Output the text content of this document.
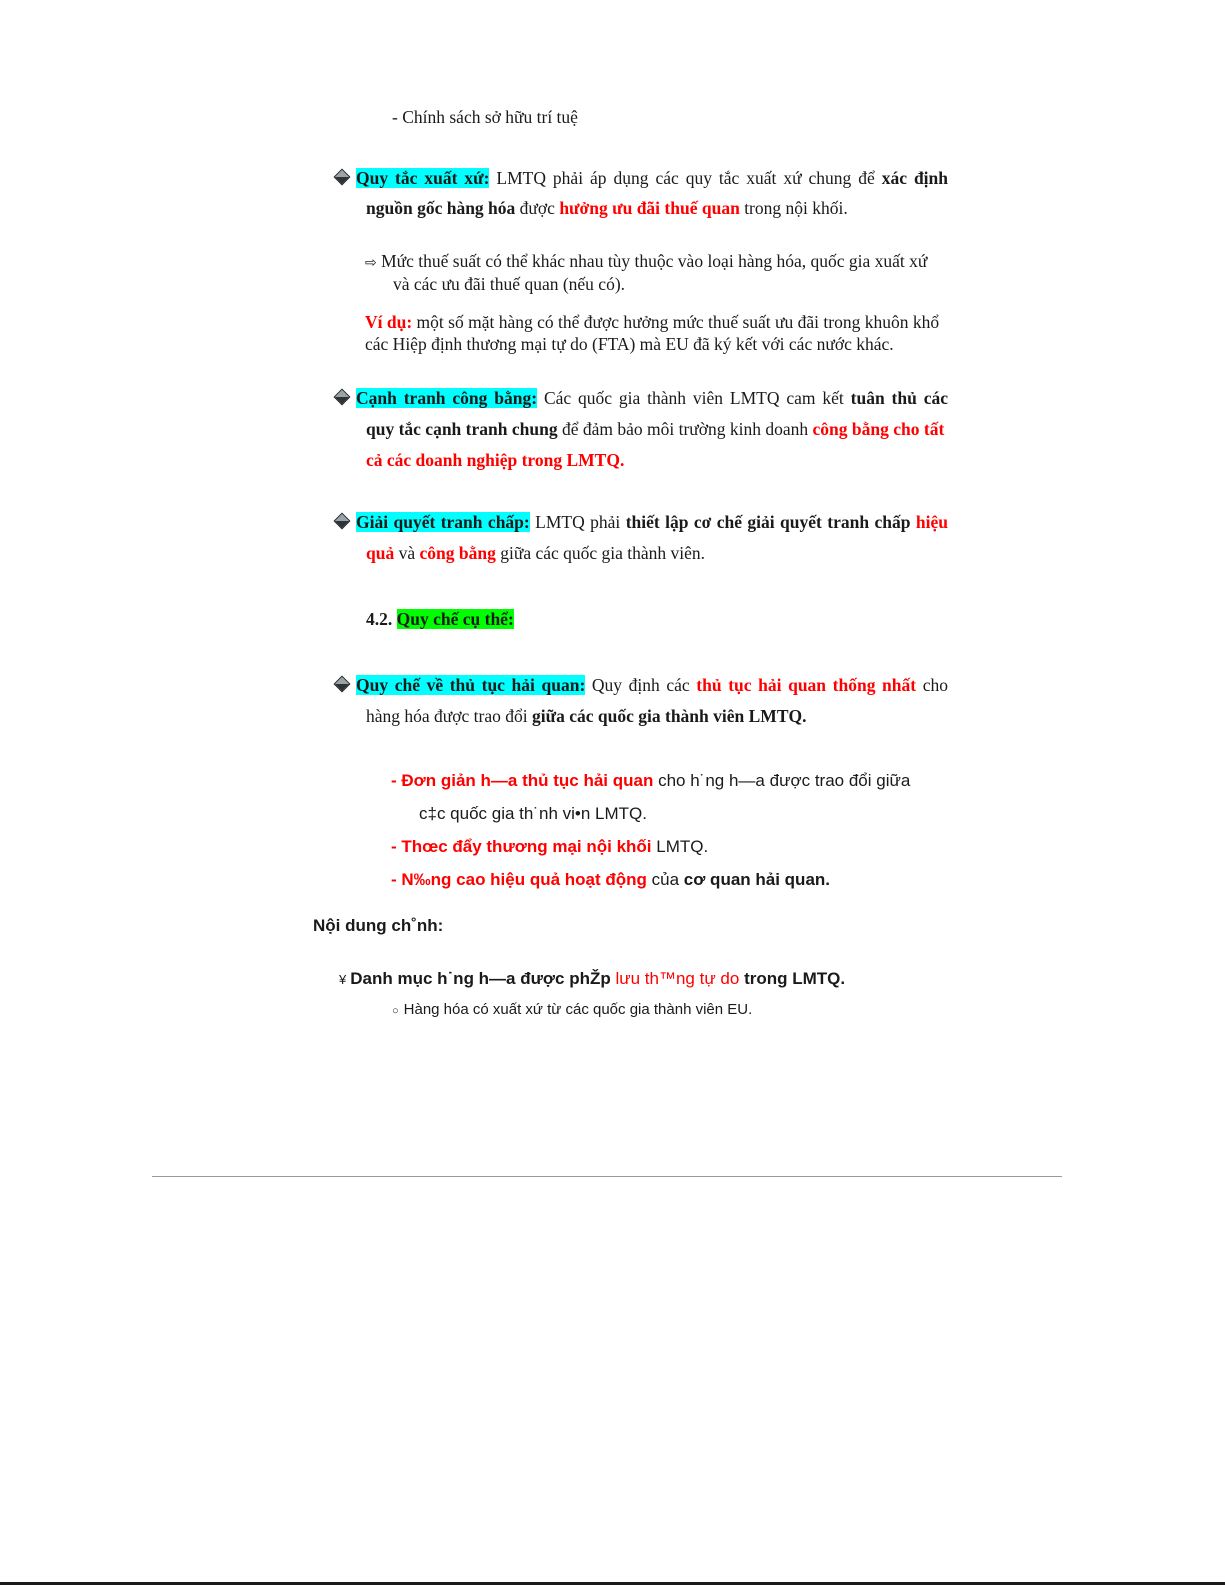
- Chính sách sở hữu trí tuệ

Quy tắc xuất xứ: LMTQ phải áp dụng các quy tắc xuất xứ chung để xác định
nguồn gốc hàng hóa được hưởng ưu đãi thuế quan trong nội khối.
⇨ Mức thuế suất có thể khác nhau tùy thuộc vào loại hàng hóa, quốc gia xuất xứ
và các ưu đãi thuế quan (nếu có).
Ví dụ: một số mặt hàng có thể được hưởng mức thuế suất ưu đãi trong khuôn khổ
các Hiệp định thương mại tự do (FTA) mà EU đã ký kết với các nước khác.
Cạnh tranh công bằng: Các quốc gia thành viên LMTQ cam kết tuân thủ các
quy tắc cạnh tranh chung để đảm bảo môi trường kinh doanh công bằng cho tất
cả các doanh nghiệp trong LMTQ.
Giải quyết tranh chấp: LMTQ phải thiết lập cơ chế giải quyết tranh chấp hiệu
quả và công bằng giữa các quốc gia thành viên.
4.2. Quy chế cụ thể:
Quy chế về thủ tục hải quan: Quy định các thủ tục hải quan thống nhất cho
hàng hóa được trao đổi giữa các quốc gia thành viên LMTQ.
- Đơn giản h—a thủ tục hải quan cho h˙ng h—a được trao đổi giữa
c‡c quốc gia th˙nh vi•n LMTQ.
- Thœc đẩy thương mại nội khối LMTQ.
- N‰ng cao hiệu quả hoạt động của cơ quan hải quan.
Nội dung ch˚nh:
¥ Danh mục h˙ng h—a được phŽp lưu th™ng tự do trong LMTQ.
○ Hàng hóa có xuất xứ từ các quốc gia thành viên EU.
